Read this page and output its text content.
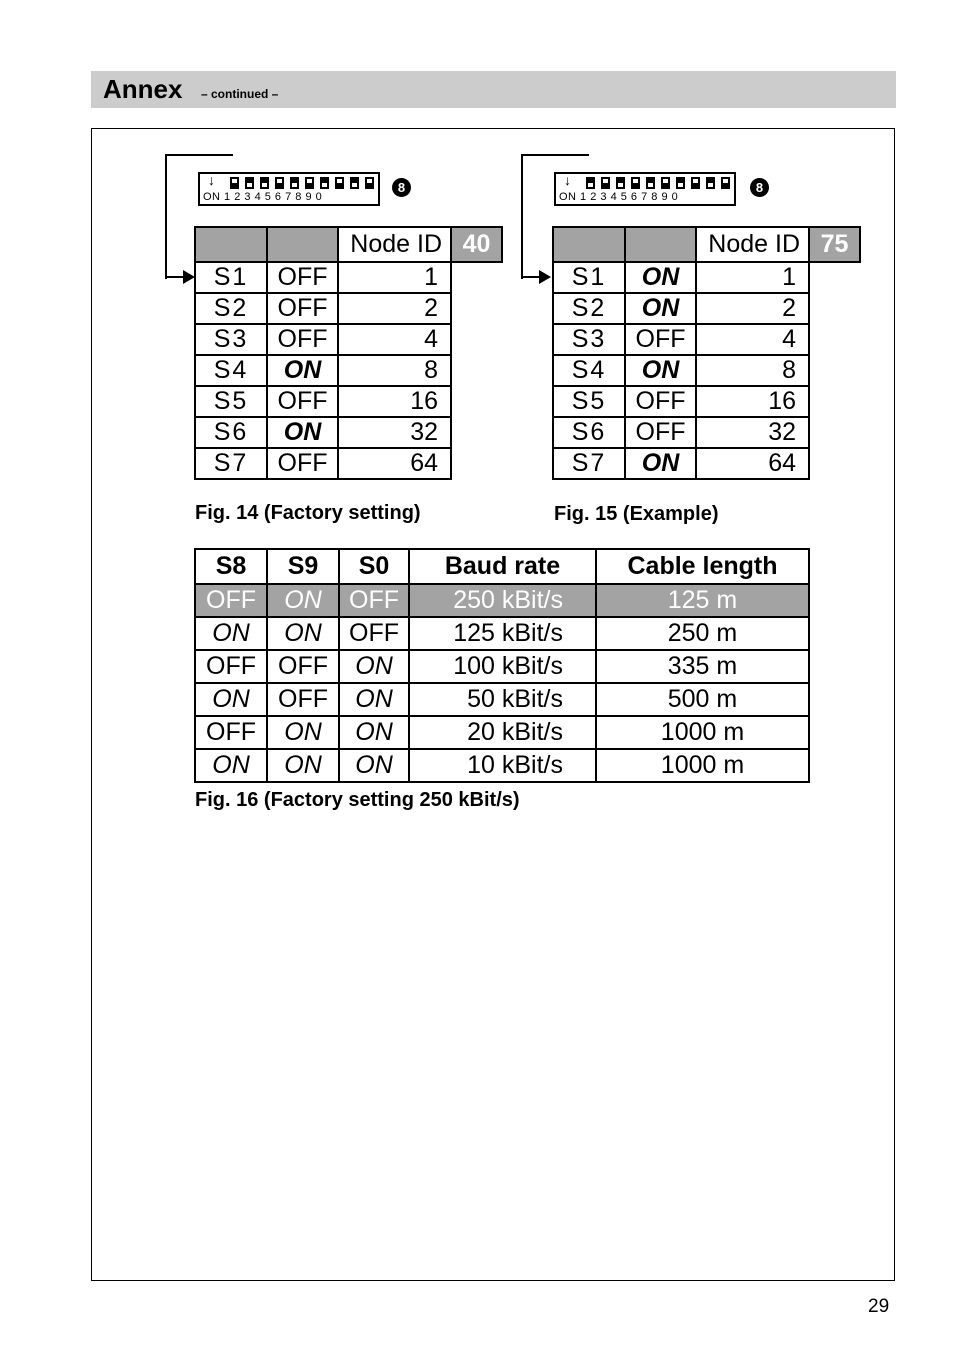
Annex – continued –
↓
ON 1 2 3 4 5 6 7 8 9 0
8
		Node ID	40
S1	OFF	1	
S2	OFF	2	
S3	OFF	4	
S4	ON	8	
S5	OFF	16	
S6	ON	32	
S7	OFF	64	
Fig. 14 (Factory setting)
↓
ON 1 2 3 4 5 6 7 8 9 0
8
		Node ID	75
S1	ON	1	
S2	ON	2	
S3	OFF	4	
S4	ON	8	
S5	OFF	16	
S6	OFF	32	
S7	ON	64	
Fig. 15 (Example)
S8	S9	S0	Baud rate	Cable length
OFF	ON	OFF	250 kBit/s	125 m
ON	ON	OFF	125 kBit/s	250 m
OFF	OFF	ON	100 kBit/s	335 m
ON	OFF	ON	50 kBit/s	500 m
OFF	ON	ON	20 kBit/s	1000 m
ON	ON	ON	10 kBit/s	1000 m
Fig. 16 (Factory setting 250 kBit/s)
29
